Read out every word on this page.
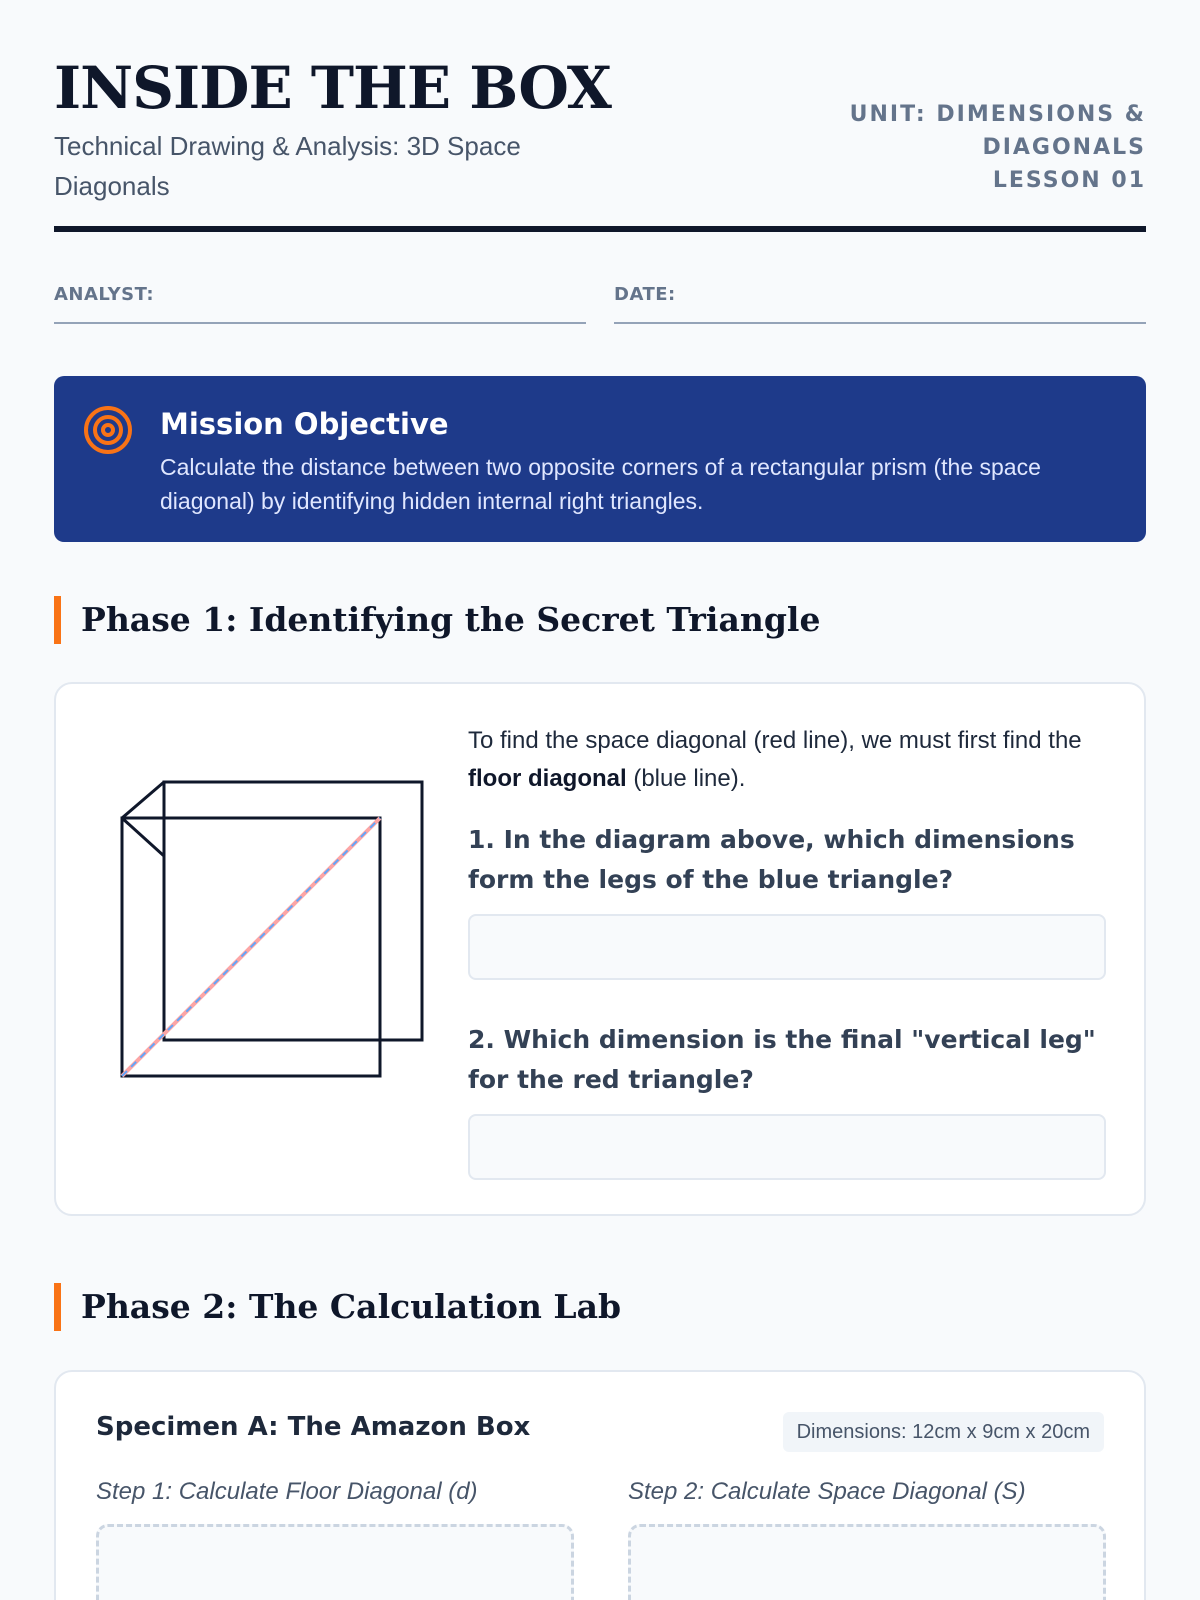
INSIDE THE BOX
Technical Drawing & Analysis: 3D Space Diagonals
UNIT: DIMENSIONS &
DIAGONALS
LESSON 01
ANALYST:	DATE:
Mission Objective
Calculate the distance between two opposite corners of a rectangular prism (the space diagonal) by identifying hidden internal right triangles.
Phase 1: Identifying the Secret Triangle
To find the space diagonal (red line), we must first find the floor diagonal (blue line).
1. In the diagram above, which dimensions form the legs of the blue triangle?
2. Which dimension is the final "vertical leg" for the red triangle?
Phase 2: The Calculation Lab
Specimen A: The Amazon Box	Dimensions: 12cm x 9cm x 20cm
Step 1: Calculate Floor Diagonal (d)	Step 2: Calculate Space Diagonal (S)
